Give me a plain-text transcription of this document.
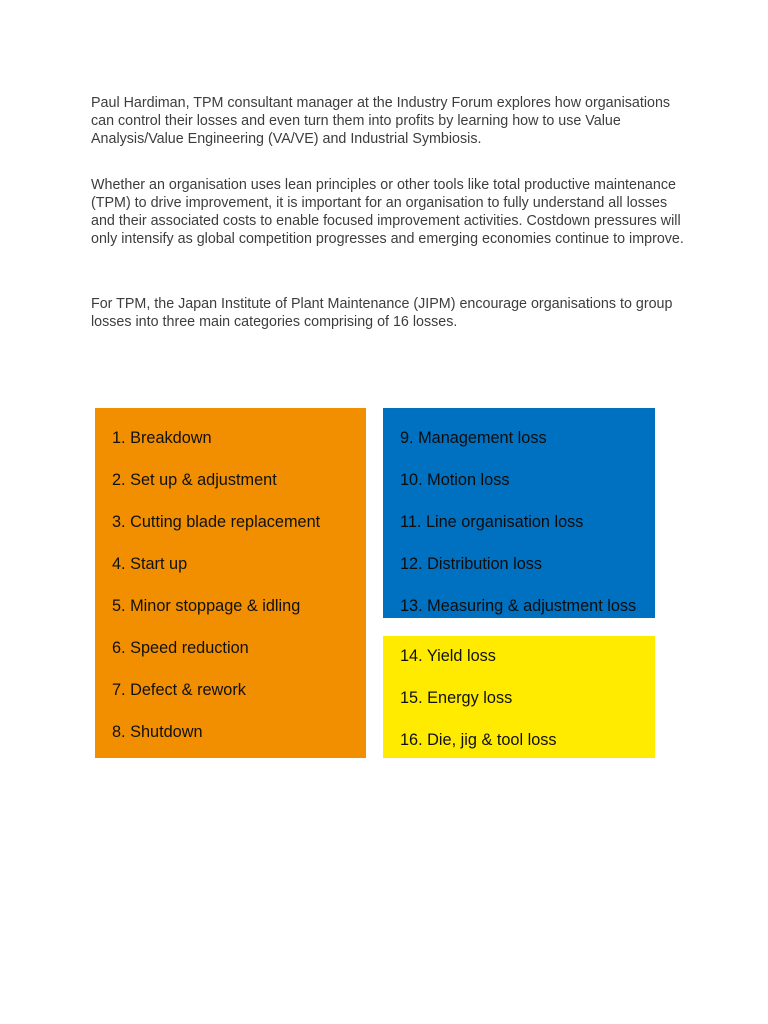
Paul Hardiman, TPM consultant manager at the Industry Forum explores how organisations can control their losses and even turn them into profits by learning how to use Value Analysis/Value Engineering (VA/VE) and Industrial Symbiosis.

Whether an organisation uses lean principles or other tools like total productive maintenance (TPM) to drive improvement, it is important for an organisation to fully understand all losses and their associated costs to enable focused improvement activities. Costdown pressures will only intensify as global competition progresses and emerging economies continue to improve.

For TPM, the Japan Institute of Plant Maintenance (JIPM) encourage organisations to group losses into three main categories comprising of 16 losses.

1. Breakdown

2. Set up & adjustment

3. Cutting blade replacement

4. Start up

5. Minor stoppage & idling

6. Speed reduction

7. Defect & rework

8. Shutdown

9. Management loss

10. Motion loss

11. Line organisation loss

12. Distribution loss

13. Measuring & adjustment loss

14. Yield loss

15. Energy loss

16. Die, jig & tool loss
